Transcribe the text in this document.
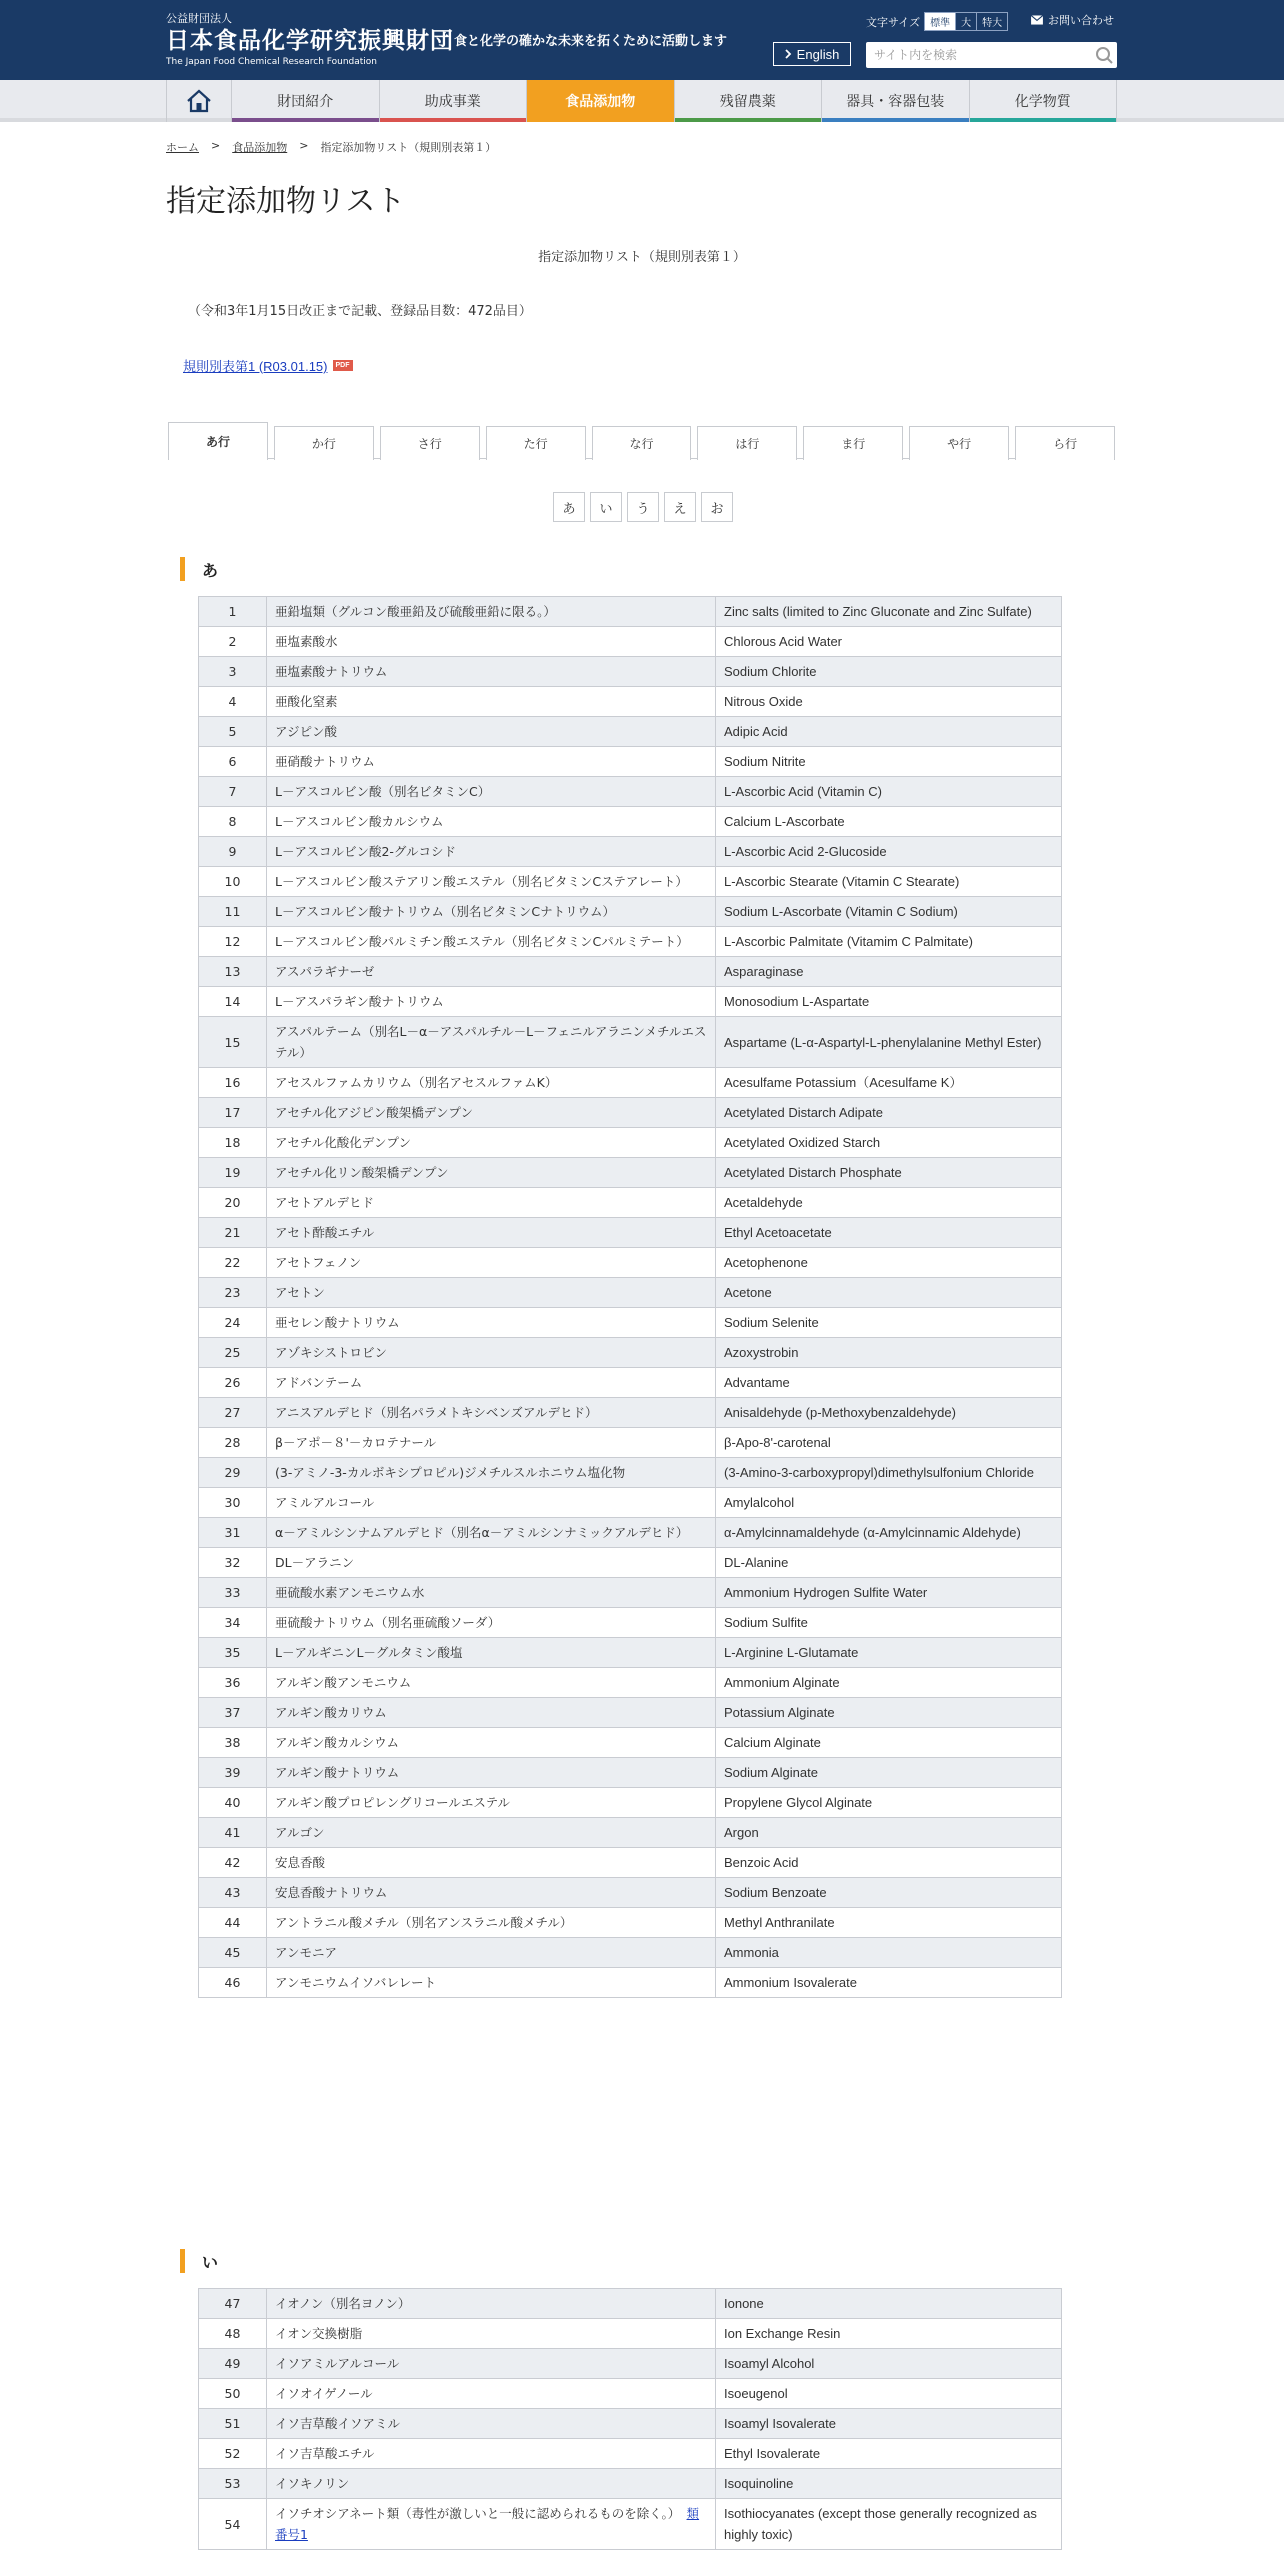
公益財団法人
日本食品化学研究振興財団
The Japan Food Chemical Research Foundation
食と化学の確かな未来を拓くために活動します
文字サイズ	標準	大	特大	お問い合わせ
English
サイト内を検索
財団紹介	助成事業	食品添加物	残留農薬	器具・容器包装	化学物質
ホーム > 食品添加物 > 指定添加物リスト（規則別表第１）
指定添加物リスト
指定添加物リスト（規則別表第１）
（令和3年1月15日改正まで記載、登録品目数：472品目）
規則別表第1 (R03.01.15)	PDF
あ行	か行	さ行	た行	な行	は行	ま行	や行	ら行
あ	い	う	え	お
あ
1	亜鉛塩類（グルコン酸亜鉛及び硫酸亜鉛に限る。）	Zinc salts (limited to Zinc Gluconate and Zinc Sulfate)
2	亜塩素酸水	Chlorous Acid Water
3	亜塩素酸ナトリウム	Sodium Chlorite
4	亜酸化窒素	Nitrous Oxide
5	アジピン酸	Adipic Acid
6	亜硝酸ナトリウム	Sodium Nitrite
7	L－アスコルビン酸（別名ビタミンC）	L-Ascorbic Acid (Vitamin C)
8	L－アスコルビン酸カルシウム	Calcium L-Ascorbate
9	L－アスコルビン酸2-グルコシド	L-Ascorbic Acid 2-Glucoside
10	L－アスコルビン酸ステアリン酸エステル（別名ビタミンCステアレート）	L-Ascorbic Stearate (Vitamin C Stearate)
11	L－アスコルビン酸ナトリウム（別名ビタミンCナトリウム）	Sodium L-Ascorbate (Vitamin C Sodium)
12	L－アスコルビン酸パルミチン酸エステル（別名ビタミンCパルミテート）	L-Ascorbic Palmitate (Vitamim C Palmitate)
13	アスパラギナーゼ	Asparaginase
14	L－アスパラギン酸ナトリウム	Monosodium L-Aspartate
15	アスパルテーム（別名L－α－アスパルチル－L－フェニルアラニンメチルエステル）	Aspartame (L-α-Aspartyl-L-phenylalanine Methyl Ester)
16	アセスルファムカリウム（別名アセスルファムK）	Acesulfame Potassium（Acesulfame K）
17	アセチル化アジピン酸架橋デンプン	Acetylated Distarch Adipate
18	アセチル化酸化デンプン	Acetylated Oxidized Starch
19	アセチル化リン酸架橋デンプン	Acetylated Distarch Phosphate
20	アセトアルデヒド	Acetaldehyde
21	アセト酢酸エチル	Ethyl Acetoacetate
22	アセトフェノン	Acetophenone
23	アセトン	Acetone
24	亜セレン酸ナトリウム	Sodium Selenite
25	アゾキシストロビン	Azoxystrobin
26	アドバンテーム	Advantame
27	アニスアルデヒド（別名パラメトキシベンズアルデヒド）	Anisaldehyde (p-Methoxybenzaldehyde)
28	β－アポ－８'－カロテナール	β-Apo-8'-carotenal
29	(3-アミノ-3-カルボキシプロピル)ジメチルスルホニウム塩化物	(3-Amino-3-carboxypropyl)dimethylsulfonium Chloride
30	アミルアルコール	Amylalcohol
31	α－アミルシンナムアルデヒド（別名α－アミルシンナミックアルデヒド）	α-Amylcinnamaldehyde (α-Amylcinnamic Aldehyde)
32	DL－アラニン	DL-Alanine
33	亜硫酸水素アンモニウム水	Ammonium Hydrogen Sulfite Water
34	亜硫酸ナトリウム（別名亜硫酸ソーダ）	Sodium Sulfite
35	L－アルギニンL－グルタミン酸塩	L-Arginine L-Glutamate
36	アルギン酸アンモニウム	Ammonium Alginate
37	アルギン酸カリウム	Potassium Alginate
38	アルギン酸カルシウム	Calcium Alginate
39	アルギン酸ナトリウム	Sodium Alginate
40	アルギン酸プロピレングリコールエステル	Propylene Glycol Alginate
41	アルゴン	Argon
42	安息香酸	Benzoic Acid
43	安息香酸ナトリウム	Sodium Benzoate
44	アントラニル酸メチル（別名アンスラニル酸メチル）	Methyl Anthranilate
45	アンモニア	Ammonia
46	アンモニウムイソバレレート	Ammonium Isovalerate
い
47	イオノン（別名ヨノン）	Ionone
48	イオン交換樹脂	Ion Exchange Resin
49	イソアミルアルコール	Isoamyl Alcohol
50	イソオイゲノール	Isoeugenol
51	イソ吉草酸イソアミル	Isoamyl Isovalerate
52	イソ吉草酸エチル	Ethyl Isovalerate
53	イソキノリン	Isoquinoline
54	イソチオシアネート類（毒性が激しいと一般に認められるものを除く。）　 類番号1	Isothiocyanates (except those generally recognized as highly toxic)
